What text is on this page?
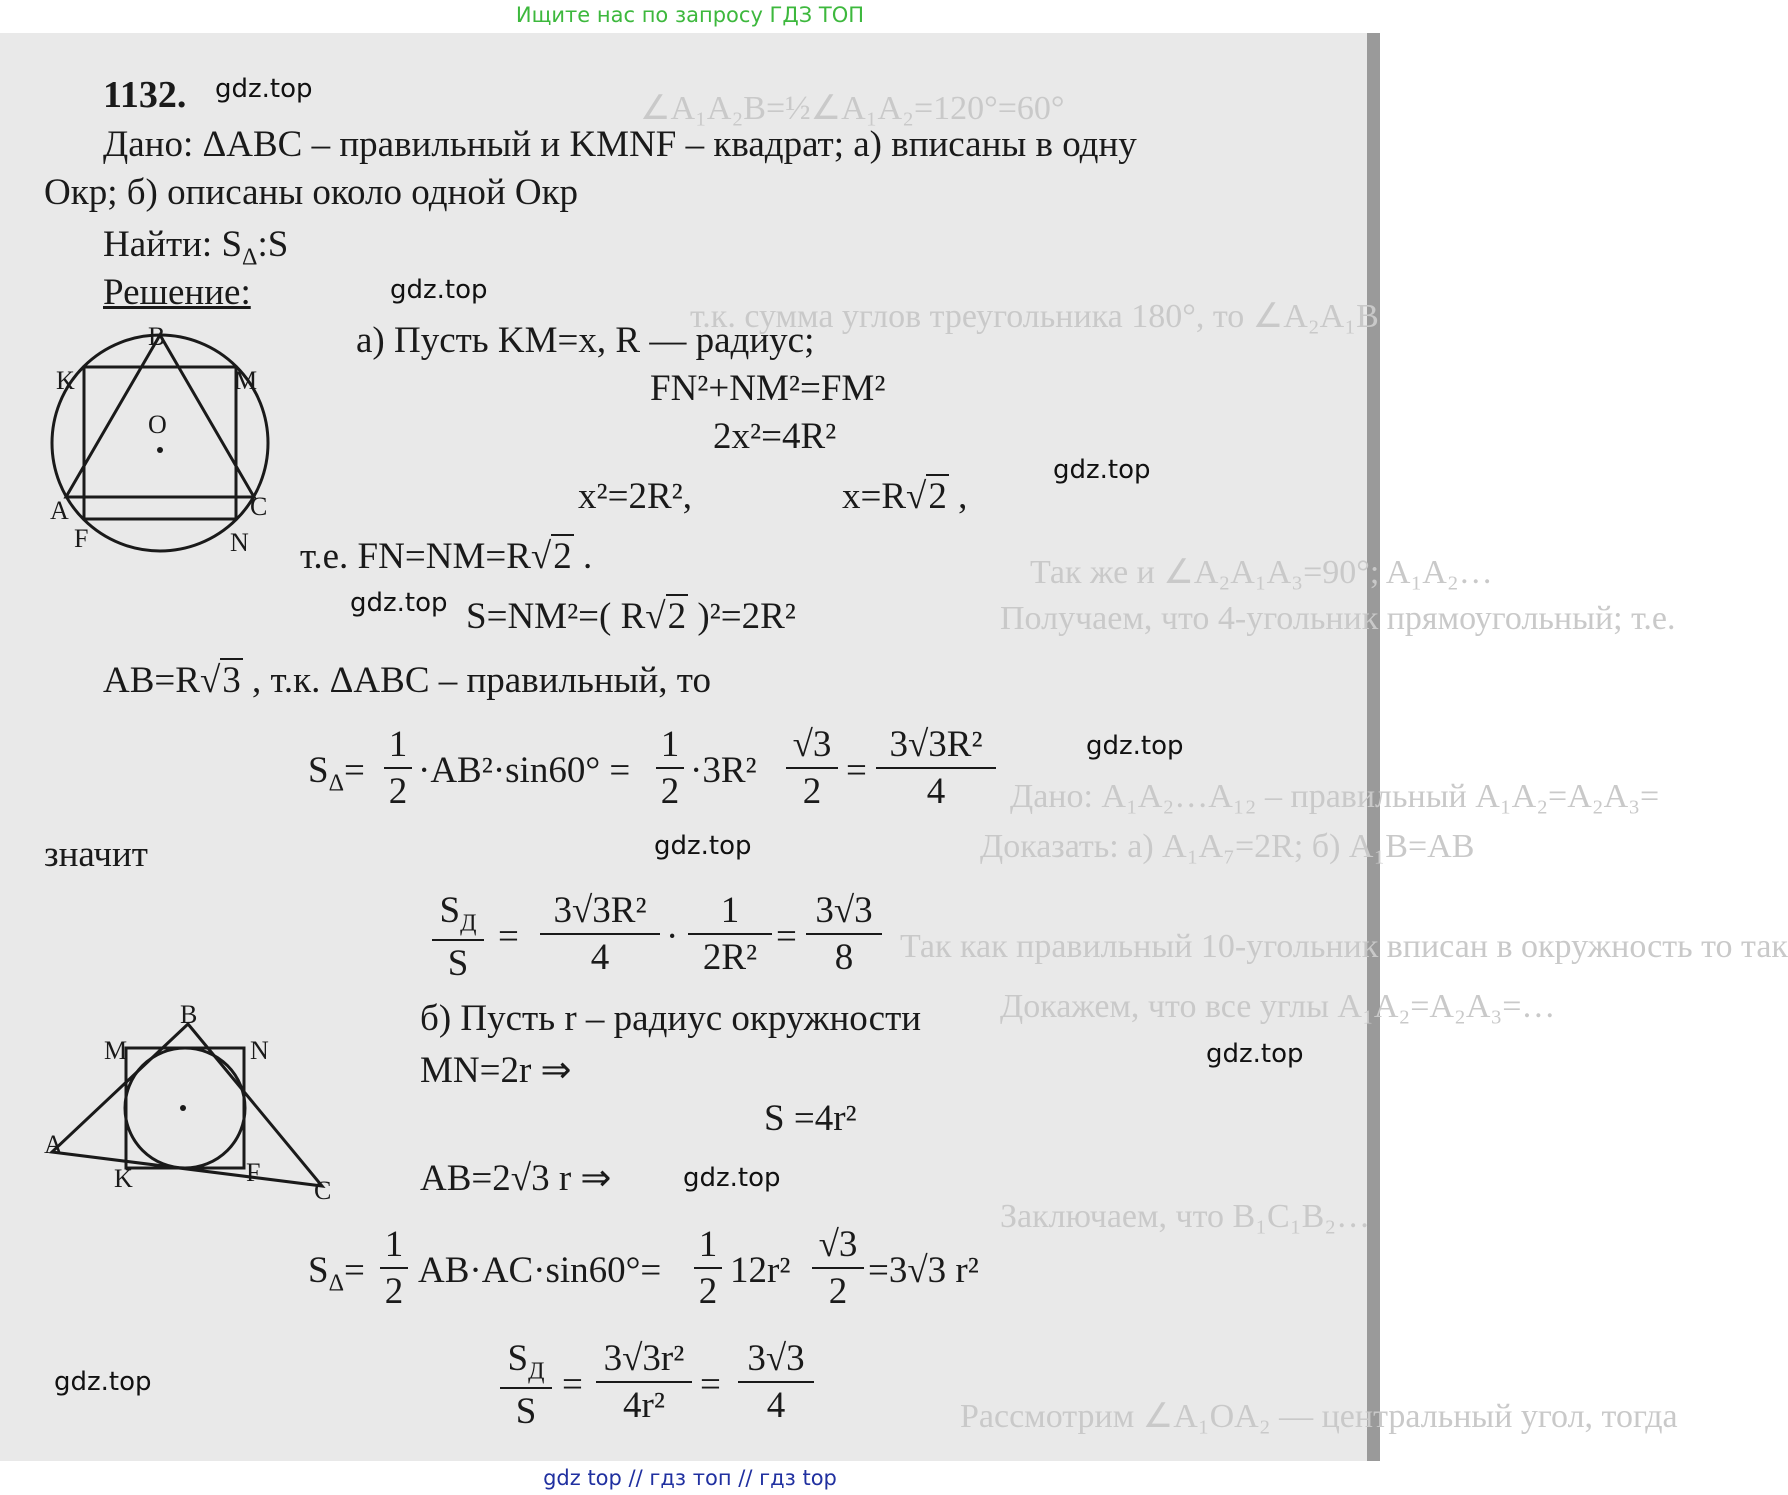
Ищите нас по запросу ГДЗ ТОП
∠A₁A₂B=½∠A₁A₂=120°=60°
т.к. сумма углов треугольника 180°, то ∠A₂A₁B
Так же и ∠A₂A₁A₃=90°; A₁A₂…
Получаем, что 4-угольник прямоугольный; т.е.
Дано: A₁A₂…A₁₂ – правильный A₁A₂=A₂A₃=
Доказать: а) A₁A₇=2R; б) A₁B=AB
Так как правильный 10-угольник вписан в окружность то так
Докажем, что все углы A₁A₂=A₂A₃=…
Заключаем, что B₁C₁B₂…
Рассмотрим ∠A₁OA₂ — центральный угол, тогда
1132.
Дано: ΔABC – правильный и KMNF – квадрат; а) вписаны в одну
Окр; б) описаны около одной Окр
Найти: $S_\Delta:S$
Решение:
gdz.top
gdz.top
gdz.top
gdz.top
gdz.top
gdz.top
gdz.top
gdz.top
gdz.top
B
K	M
O
A	C
F	N
а) Пусть KM=x, R — радиус;
FN²+NM²=FM²
2x²=4R²
x²=2R²,	x=R√2 ,
т.е. FN=NM=R√2 .
S=NM²=( R√2 )²=2R²
AB=R√3 , т.к. ΔABC – правильный, то
$S_\Delta=$
1
2
·AB²·sin60° =
1
2
·3R²
√3
2
=
3√3R²
4
значит
$S_Д$
S
=
3√3R²
4
·
1
2R²
=
3√3
8
B
M	N
A
K	F
C
б) Пусть r – радиус окружности
MN=2r ⇒
S =4r²
AB=2√3 r ⇒
$S_\Delta=$
1
2
AB·AC·sin60°=
1
2
12r²
√3
2
=3√3 r²
$S_Д$
S
=
3√3r²
4r²
=
3√3
4
gdz top // гдз топ // гдз top
